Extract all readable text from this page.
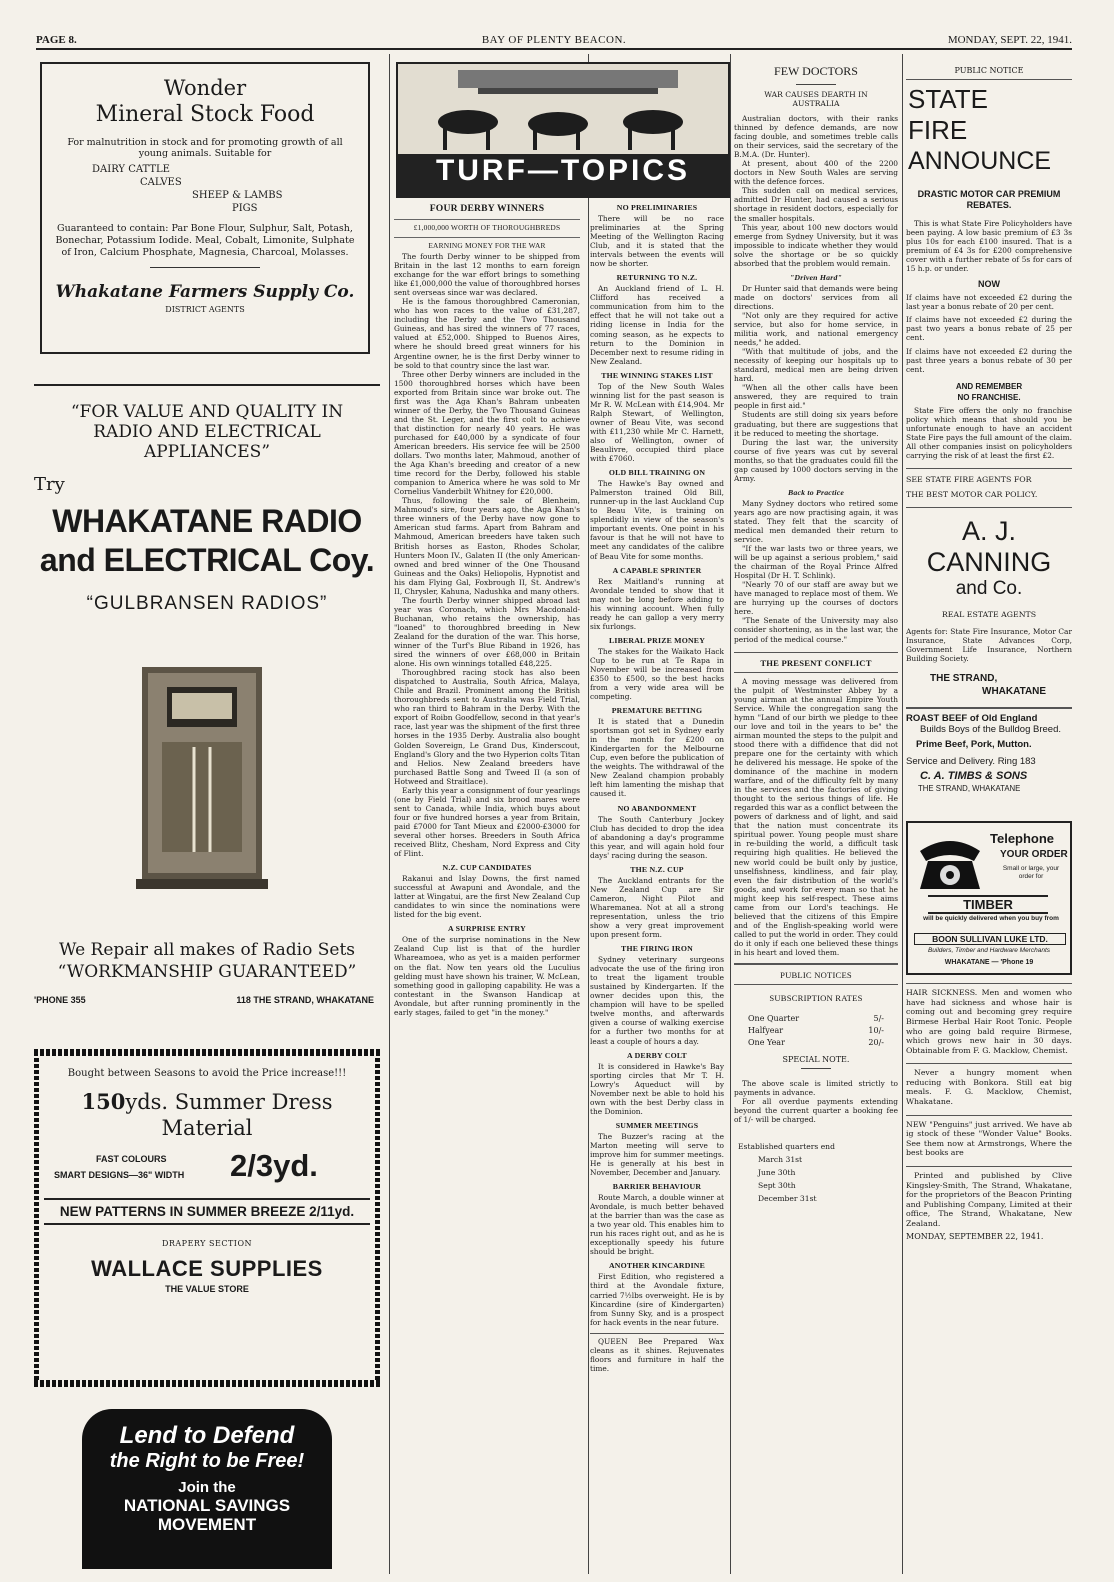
PAGE 8.	BAY OF PLENTY BEACON.	MONDAY, SEPT. 22, 1941.
Wonder
Mineral Stock Food
For malnutrition in stock and for promoting growth of all young animals. Suitable for
DAIRY CATTLE
CALVES
SHEEP & LAMBS
PIGS
Guaranteed to contain: Par Bone Flour, Sulphur, Salt, Potash, Bonechar, Potassium Iodide. Meal, Cobalt, Limonite, Sulphate of Iron, Calcium Phosphate, Magnesia, Charcoal, Molasses.
Whakatane Farmers Supply Co.
DISTRICT AGENTS
“FOR VALUE AND QUALITY IN RADIO AND ELECTRICAL APPLIANCES”
Try
WHAKATANE RADIO
and ELECTRICAL Coy.
“GULBRANSEN RADIOS”
We Repair all makes of Radio Sets
“WORKMANSHIP GUARANTEED”
'PHONE 355	118 THE STRAND, WHAKATANE
Bought between Seasons to avoid the Price increase!!!
150yds. Summer Dress
Material
FAST COLOURS
SMART DESIGNS—36" WIDTH 2/3yd.
NEW PATTERNS IN SUMMER BREEZE 2/11yd.
DRAPERY SECTION
WALLACE SUPPLIES
THE VALUE STORE
Lend to Defend
the Right to be Free!
Join the
NATIONAL SAVINGS
MOVEMENT
TURF—TOPICS
FOUR DERBY WINNERS
£1,000,000 WORTH OF THOROUGHBREDS
EARNING MONEY FOR THE WAR

The fourth Derby winner to be shipped from Britain in the last 12 months to earn foreign exchange for the war effort brings to something like £1,000,000 the value of thoroughbred horses sent overseas since war was declared.

He is the famous thoroughbred Cameronian, who has won races to the value of £31,287, including the Derby and the Two Thousand Guineas, and has sired the winners of 77 races, valued at £52,000. Shipped to Buenos Aires, where he should breed great winners for his Argentine owner, he is the first Derby winner to be sold to that country since the last war.

Three other Derby winners are included in the 1500 thoroughbred horses which have been exported from Britain since war broke out. The first was the Aga Khan's Bahram unbeaten winner of the Derby, the Two Thousand Guineas and the St. Leger, and the first colt to achieve that distinction for nearly 40 years. He was purchased for £40,000 by a syndicate of four American breeders. His service fee will be 2500 dollars. Two months later, Mahmoud, another of the Aga Khan's breeding and creator of a new time record for the Derby, followed his stable companion to America where he was sold to Mr Cornelius Vanderbilt Whitney for £20,000.

Thus, following the sale of Blenheim, Mahmoud's sire, four years ago, the Aga Khan's three winners of the Derby have now gone to American stud farms. Apart from Bahram and Mahmoud, American breeders have taken such British horses as Easton, Rhodes Scholar, Hunters Moon IV., Galaten II (the only American-owned and bred winner of the One Thousand Guineas and the Oaks) Heliopolis, Hypnotist and his dam Flying Gal, Foxbrough II, St. Andrew's II, Chrysler, Kahuna, Nadushka and many others.

The fourth Derby winner shipped abroad last year was Coronach, which Mrs Macdonald-Buchanan, who retains the ownership, has "loaned" to thoroughbred breeding in New Zealand for the duration of the war. This horse, winner of the Turf's Blue Riband in 1926, has sired the winners of over £68,000 in Britain alone. His own winnings totalled £48,225.

Thoroughbred racing stock has also been dispatched to Australia, South Africa, Malaya, Chile and Brazil. Prominent among the British thoroughbreds sent to Australia was Field Trial, who ran third to Bahram in the Derby. With the export of Roibn Goodfellow, second in that year's race, last year was the shipment of the first three horses in the 1935 Derby. Australia also bought Golden Sovereign, Le Grand Dus, Kinderscout, England's Glory and the two Hyperion colts Titan and Helios. New Zealand breeders have purchased Battle Song and Tweed II (a son of Hotweed and Straitlace).

Early this year a consignment of four yearlings (one by Field Trial) and six brood mares were sent to Canada, while India, which buys about four or five hundred horses a year from Britain, paid £7000 for Tant Mieux and £2000-£3000 for several other horses. Breeders in South Africa received Blitz, Chesham, Nord Express and City of Flint.

N.Z. CUP CANDIDATES

Rakanui and Islay Downs, the first named successful at Awapuni and Avondale, and the latter at Wingatui, are the first New Zealand Cup candidates to win since the nominations were listed for the big event.

A SURPRISE ENTRY

One of the surprise nominations in the New Zealand Cup list is that of the hurdler Whareamoea, who as yet is a maiden performer on the flat. Now ten years old the Luculius gelding must have shown his trainer, W. McLean, something good in galloping capability. He was a contestant in the Swanson Handicap at Avondale, but after running prominently in the early stages, failed to get "in the money."

NO PRELIMINARIES

There will be no race preliminaries at the Spring Meeting of the Wellington Racing Club, and it is stated that the intervals between the events will now be shorter.

RETURNING TO N.Z.

An Auckland friend of L. H. Clifford has received a communication from him to the effect that he will not take out a riding license in India for the coming season, as he expects to return to the Dominion in December next to resume riding in New Zealand.

THE WINNING STAKES LIST

Top of the New South Wales winning list for the past season is Mr R. W. McLean with £14,904. Mr Ralph Stewart, of Wellington, owner of Beau Vite, was second with £11,230 while Mr C. Harnett, also of Wellington, owner of Beaulivre, occupied third place with £7060.

OLD BILL TRAINING ON

The Hawke's Bay owned and Palmerston trained Old Bill, runner-up in the last Auckland Cup to Beau Vite, is training on splendidly in view of the season's important events. One point in his favour is that he will not have to meet any candidates of the calibre of Beau Vite for some months.

A CAPABLE SPRINTER

Rex Maitland's running at Avondale tended to show that it may not be long before adding to his winning account. When fully ready he can gallop a very merry six furlongs.

LIBERAL PRIZE MONEY

The stakes for the Waikato Hack Cup to be run at Te Rapa in November will be increased from £350 to £500, so the best hacks from a very wide area will be competing.

PREMATURE BETTING

It is stated that a Dunedin sportsman got set in Sydney early in the month for £200 on Kindergarten for the Melbourne Cup, even before the publication of the weights. The withdrawal of the New Zealand champion probably left him lamenting the mishap that caused it.

NO ABANDONMENT

The South Canterbury Jockey Club has decided to drop the idea of abandoning a day's programme this year, and will again hold four days' racing during the season.

THE N.Z. CUP

The Auckland entrants for the New Zealand Cup are Sir Cameron, Night Pilot and Wharemanea. Not at all a strong representation, unless the trio show a very great improvement upon present form.

THE FIRING IRON

Sydney veterinary surgeons advocate the use of the firing iron to treat the ligament trouble sustained by Kindergarten. If the owner decides upon this, the champion will have to be spelled twelve months, and afterwards given a course of walking exercise for a further two months for at least a couple of hours a day.

A DERBY COLT

It is considered in Hawke's Bay sporting circles that Mr T. H. Lowry's Aqueduct will by November next be able to hold his own with the best Derby class in the Dominion.

SUMMER MEETINGS

The Buzzer's racing at the Marton meeting will serve to improve him for summer meetings. He is generally at his best in November, December and January.

BARRIER BEHAVIOUR

Route March, a double winner at Avondale, is much better behaved at the barrier than was the case as a two year old. This enables him to run his races right out, and as he is exceptionally speedy his future should be bright.

ANOTHER KINCARDINE

First Edition, who registered a third at the Avondale fixture, carried 7½lbs overweight. He is by Kincardine (sire of Kindergarten) from Sunny Sky, and is a prospect for hack events in the near future.

QUEEN Bee Prepared Wax cleans as it shines. Rejuvenates floors and furniture in half the time.

FEW DOCTORS
WAR CAUSES DEARTH IN AUSTRALIA

Australian doctors, with their ranks thinned by defence demands, are now facing double, and sometimes treble calls on their services, said the secretary of the B.M.A. (Dr. Hunter).

At present, about 400 of the 2200 doctors in New South Wales are serving with the defence forces.

This sudden call on medical services, admitted Dr Hunter, had caused a serious shortage in resident doctors, especially for the smaller hospitals.

This year, about 100 new doctors would emerge from Sydney University, but it was impossible to indicate whether they would solve the shortage or be so quickly absorbed that the problem would remain.

"Driven Hard"

Dr Hunter said that demands were being made on doctors' services from all directions.

"Not only are they required for active service, but also for home service, in militia work, and national emergency needs," he added.

"With that multitude of jobs, and the necessity of keeping our hospitals up to standard, medical men are being driven hard.

"When all the other calls have been answered, they are required to train people in first aid."

Students are still doing six years before graduating, but there are suggestions that it be reduced to meeting the shortage.

During the last war, the university course of five years was cut by several months, so that the graduates could fill the gap caused by 1000 doctors serving in the Army.

Back to Practice

Many Sydney doctors who retired some years ago are now practising again, it was stated. They felt that the scarcity of medical men demanded their return to service.

"If the war lasts two or three years, we will be up against a serious problem," said the chairman of the Royal Prince Alfred Hospital (Dr H. T. Schlink).

"Nearly 70 of our staff are away but we have managed to replace most of them. We are hurrying up the courses of doctors here.

"The Senate of the University may also consider shortening, as in the last war, the period of the medical course."

THE PRESENT CONFLICT

A moving message was delivered from the pulpit of Westminster Abbey by a young airman at the annual Empire Youth Service. While the congregation sang the hymn "Land of our birth we pledge to thee our love and toil in the years to be" the airman mounted the steps to the pulpit and stood there with a diffidence that did not prepare one for the certainty with which he delivered his message. He spoke of the dominance of the machine in modern warfare, and of the difficulty felt by many in the services and the factories of giving thought to the serious things of life. He regarded this war as a conflict between the powers of darkness and of light, and said that the nation must concentrate its spiritual power. Young people must share in re-building the world, a difficult task requiring high qualities. He believed the new world could be built only by justice, unselfishness, kindliness, and fair play, even the fair distribution of the world's goods, and work for every man so that he might keep his self-respect. These aims came from our Lord's teachings. He believed that the citizens of this Empire and of the English-speaking world were called to put the world in order. They could do it only if each one believed these things in his heart and loved them.

PUBLIC NOTICES
SUBSCRIPTION RATES
One Quarter	5/-
Halfyear	10/-
One Year	20/-
SPECIAL NOTE.

The above scale is limited strictly to payments in advance.

For all overdue payments extending beyond the current quarter a booking fee of 1/- will be charged.

Established quarters end
March 31st
June 30th
Sept 30th
December 31st
PUBLIC NOTICE
STATE
FIRE
ANNOUNCE
DRASTIC MOTOR CAR PREMIUM REBATES.

This is what State Fire Policyholders have been paying. A low basic premium of £3 3s plus 10s for each £100 insured. That is a premium of £4 3s for £200 comprehensive cover with a further rebate of 5s for cars of 15 h.p. or under.

NOW

If claims have not exceeded £2 during the last year a bonus rebate of 20 per cent.

If claims have not exceeded £2 during the past two years a bonus rebate of 25 per cent.

If claims have not exceeded £2 during the past three years a bonus rebate of 30 per cent.

AND REMEMBER
NO FRANCHISE.

State Fire offers the only no franchise policy which means that should you be unfortunate enough to have an accident State Fire pays the full amount of the claim. All other companies insist on policyholders carrying the risk of at least the first £2.

SEE STATE FIRE AGENTS FOR
THE BEST MOTOR CAR POLICY.
A. J. CANNING
and Co.
REAL ESTATE AGENTS

Agents for: State Fire Insurance, Motor Car Insurance, State Advances Corp, Government Life Insurance, Northern Building Society.

THE STRAND,
WHAKATANE
ROAST BEEF of Old England
Builds Boys of the Bulldog Breed.
Prime Beef, Pork, Mutton.
Service and Delivery. Ring 183
C. A. TIMBS & SONS
THE STRAND, WHAKATANE
Telephone
YOUR ORDER
Small or large, your order for
TIMBER
will be quickly delivered when you buy from
BOON SULLIVAN LUKE LTD.
Builders, Timber and Hardware Merchants
WHAKATANE — 'Phone 19

HAIR SICKNESS. Men and women who have had sickness and whose hair is coming out and becoming grey require Birmese Herbal Hair Root Tonic. People who are going bald require Birmese, which grows new hair in 30 days. Obtainable from F. G. Macklow, Chemist.

Never a hungry moment when reducing with Bonkora. Still eat big meals. F. G. Macklow, Chemist, Whakatane.

NEW "Penguins" just arrived. We have ab ig stock of these "Wonder Value" Books. See them now at Armstrongs, Where the best books are

Printed and published by Clive Kingsley-Smith, The Strand, Whakatane, for the proprietors of the Beacon Printing and Publishing Company, Limited at their office, The Strand, Whakatane, New Zealand.

MONDAY, SEPTEMBER 22, 1941.
